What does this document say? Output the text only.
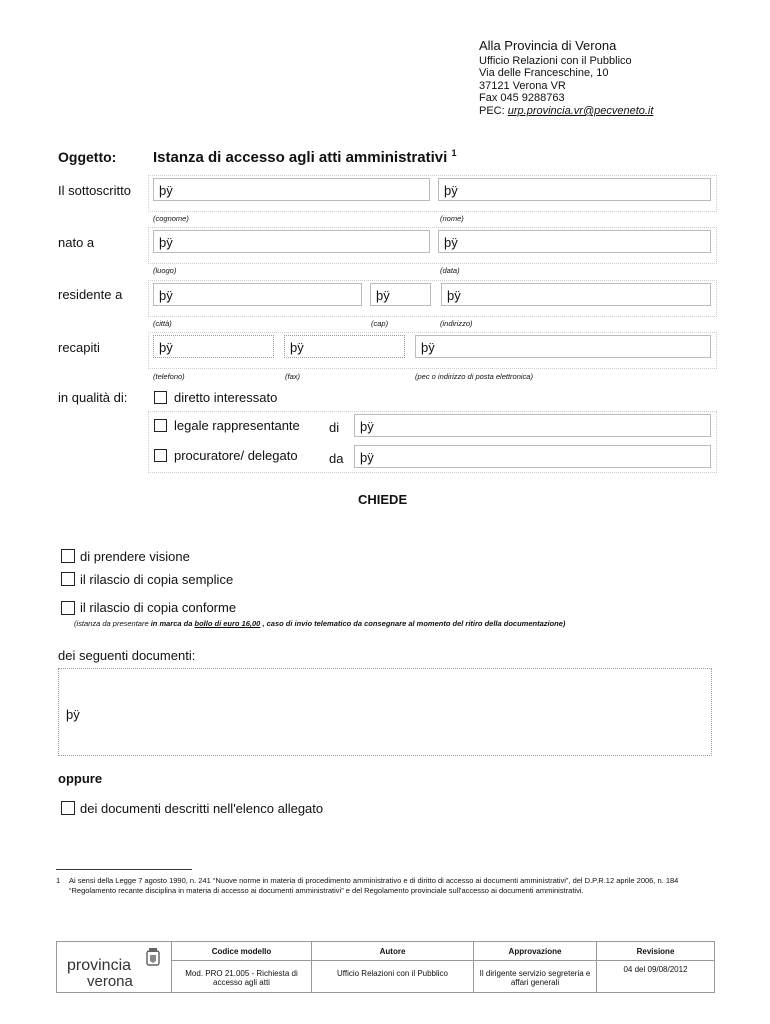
Alla Provincia di Verona
Ufficio Relazioni con il Pubblico
Via delle Franceschine, 10
37121 Verona VR
Fax 045 9288763
PEC: urp.provincia.vr@pecveneto.it
Oggetto: Istanza di accesso agli atti amministrativi $^1$
Il sottoscritto	þÿ	þÿ
(cognome)	(nome)
nato a	þÿ	þÿ
(luogo)	(data)
residente a	þÿ	þÿ	þÿ
(città)	(cap)	(indirizzo)
recapiti	þÿ	þÿ	þÿ
(telefono)	(fax)	(pec o indirizzo di posta elettronica)
in qualità di:	diretto interessato
legale rappresentante	di	þÿ
procuratore/ delegato da	þÿ
CHIEDE
di prendere visione
il rilascio di copia semplice
il rilascio di copia conforme
(istanza da presentare in marca da bollo di euro 16,00 , caso di invio telematico da consegnare al momento del ritiro della documentazione)
dei seguenti documenti:
þÿ
oppure
dei documenti descritti nell'elenco allegato
1 Ai sensi della Legge 7 agosto 1990, n. 241 “Nuove norme in materia di procedimento amministrativo e di diritto di accesso ai documenti amministrativi”, del D.P.R.12 aprile 2006, n. 184 “Regolamento recante disciplina in materia di accesso ai documenti amministrativi” e del Regolamento provinciale sull'accesso ai documenti amministrativi.
provincia
verona	Codice modello	Autore	Approvazione	Revisione
	Mod. PRO 21.005 - Richiesta di accesso agli atti	Ufficio Relazioni con il Pubblico	Il dirigente servizio segreteria e affari generali	04 del 09/08/2012
